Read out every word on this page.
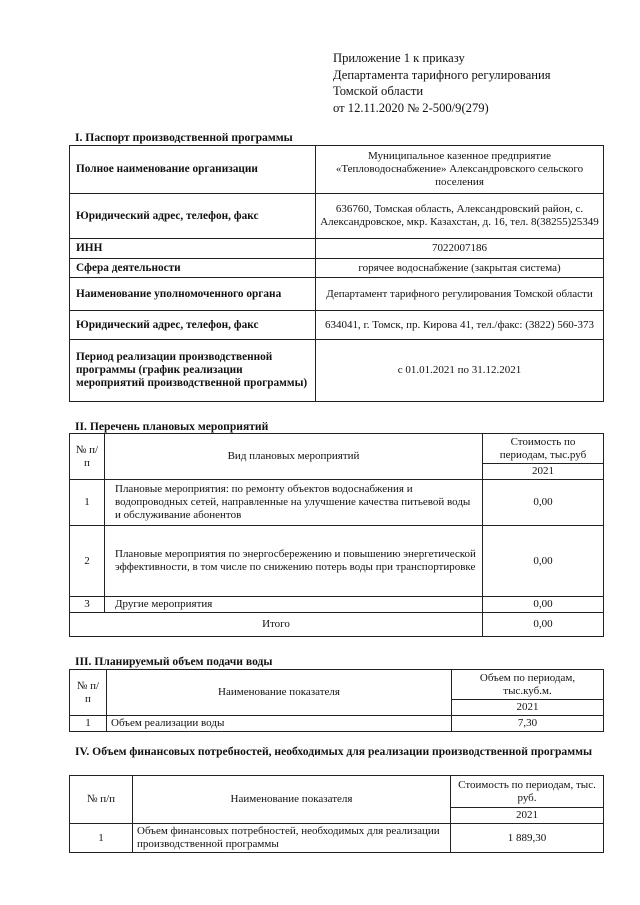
Приложение 1 к приказу
Департамента тарифного регулирования
Томской области
от 12.11.2020 № 2-500/9(279)
I. Паспорт производственной программы
Полное наименование организации	Муниципальное казенное предприятие «Тепловодоснабжение» Александровского сельского поселения
Юридический адрес, телефон, факс	636760, Томская область, Александровский район, с. Александровское, мкр. Казахстан, д. 16, тел. 8(38255)25349
ИНН	7022007186
Сфера деятельности	горячее водоснабжение (закрытая система)
Наименование уполномоченного органа	Департамент тарифного регулирования Томской области
Юридический адрес, телефон, факс	634041, г. Томск, пр. Кирова 41, тел./факс: (3822) 560-373
Период реализации производственной программы (график реализации мероприятий производственной программы)	с 01.01.2021 по 31.12.2021
II. Перечень плановых мероприятий
№ п/п	Вид плановых мероприятий	Стоимость по периодам, тыс.руб
		2021
1	Плановые мероприятия: по ремонту объектов водоснабжения и водопроводных сетей, направленные на улучшение качества питьевой воды и обслуживание абонентов	0,00
2	Плановые мероприятия по энергосбережению и повышению энергетической эффективности, в том числе по снижению потерь воды при транспортировке	0,00
3	Другие мероприятия	0,00
Итого		0,00
III. Планируемый объем подачи воды
№ п/п	Наименование показателя	Объем по периодам, тыс.куб.м.
		2021
1	Объем реализации воды	7,30
IV. Объем финансовых потребностей, необходимых для реализации производственной программы
№ п/п	Наименование показателя	Стоимость по периодам, тыс. руб.
		2021
1	Объем финансовых потребностей, необходимых для реализации производственной программы	1 889,30
